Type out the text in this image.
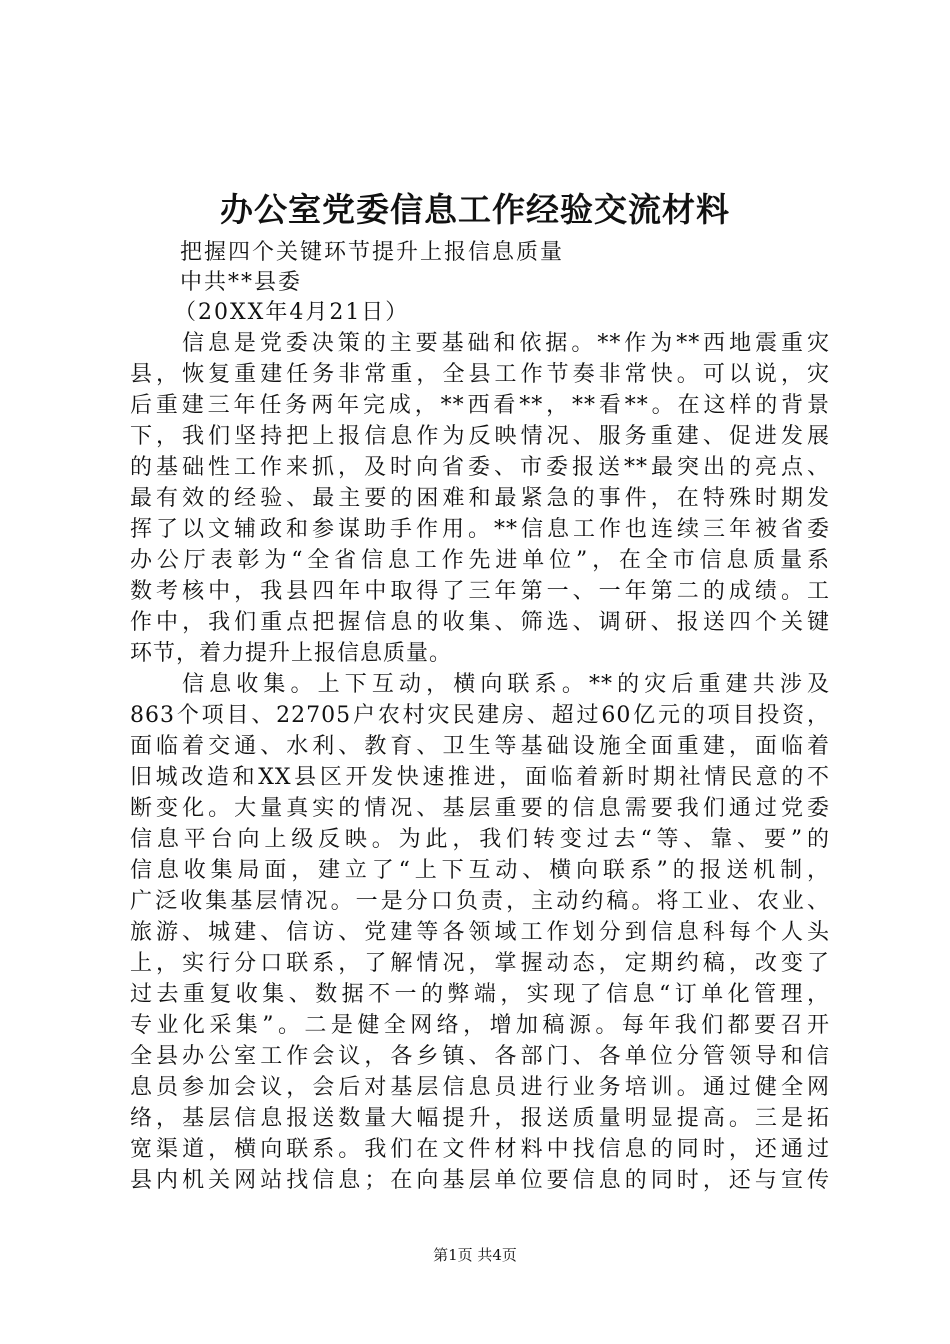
办公室党委信息工作经验交流材料
把握四个关键环节提升上报信息质量
中共**县委
（20XX年4月21日）
信息是党委决策的主要基础和依据。**作为**西地震重灾
县，恢复重建任务非常重，全县工作节奏非常快。可以说，灾
后重建三年任务两年完成，**西看**，**看**。在这样的背景
下，我们坚持把上报信息作为反映情况、服务重建、促进发展
的基础性工作来抓，及时向省委、市委报送**最突出的亮点、
最有效的经验、最主要的困难和最紧急的事件，在特殊时期发
挥了以文辅政和参谋助手作用。**信息工作也连续三年被省委
办公厅表彰为“全省信息工作先进单位”，在全市信息质量系
数考核中，我县四年中取得了三年第一、一年第二的成绩。工
作中，我们重点把握信息的收集、筛选、调研、报送四个关键
环节，着力提升上报信息质量。
信息收集。上下互动，横向联系。**的灾后重建共涉及
863个项目、22705户农村灾民建房、超过60亿元的项目投资，
面临着交通、水利、教育、卫生等基础设施全面重建，面临着
旧城改造和XX县区开发快速推进，面临着新时期社情民意的不
断变化。大量真实的情况、基层重要的信息需要我们通过党委
信息平台向上级反映。为此，我们转变过去“等、靠、要”的
信息收集局面，建立了“上下互动、横向联系”的报送机制，
广泛收集基层情况。一是分口负责，主动约稿。将工业、农业、
旅游、城建、信访、党建等各领域工作划分到信息科每个人头
上，实行分口联系，了解情况，掌握动态，定期约稿，改变了
过去重复收集、数据不一的弊端，实现了信息“订单化管理，
专业化采集”。二是健全网络，增加稿源。每年我们都要召开
全县办公室工作会议，各乡镇、各部门、各单位分管领导和信
息员参加会议，会后对基层信息员进行业务培训。通过健全网
络，基层信息报送数量大幅提升，报送质量明显提高。三是拓
宽渠道，横向联系。我们在文件材料中找信息的同时，还通过
县内机关网站找信息；在向基层单位要信息的同时，还与宣传
第1页 共4页
